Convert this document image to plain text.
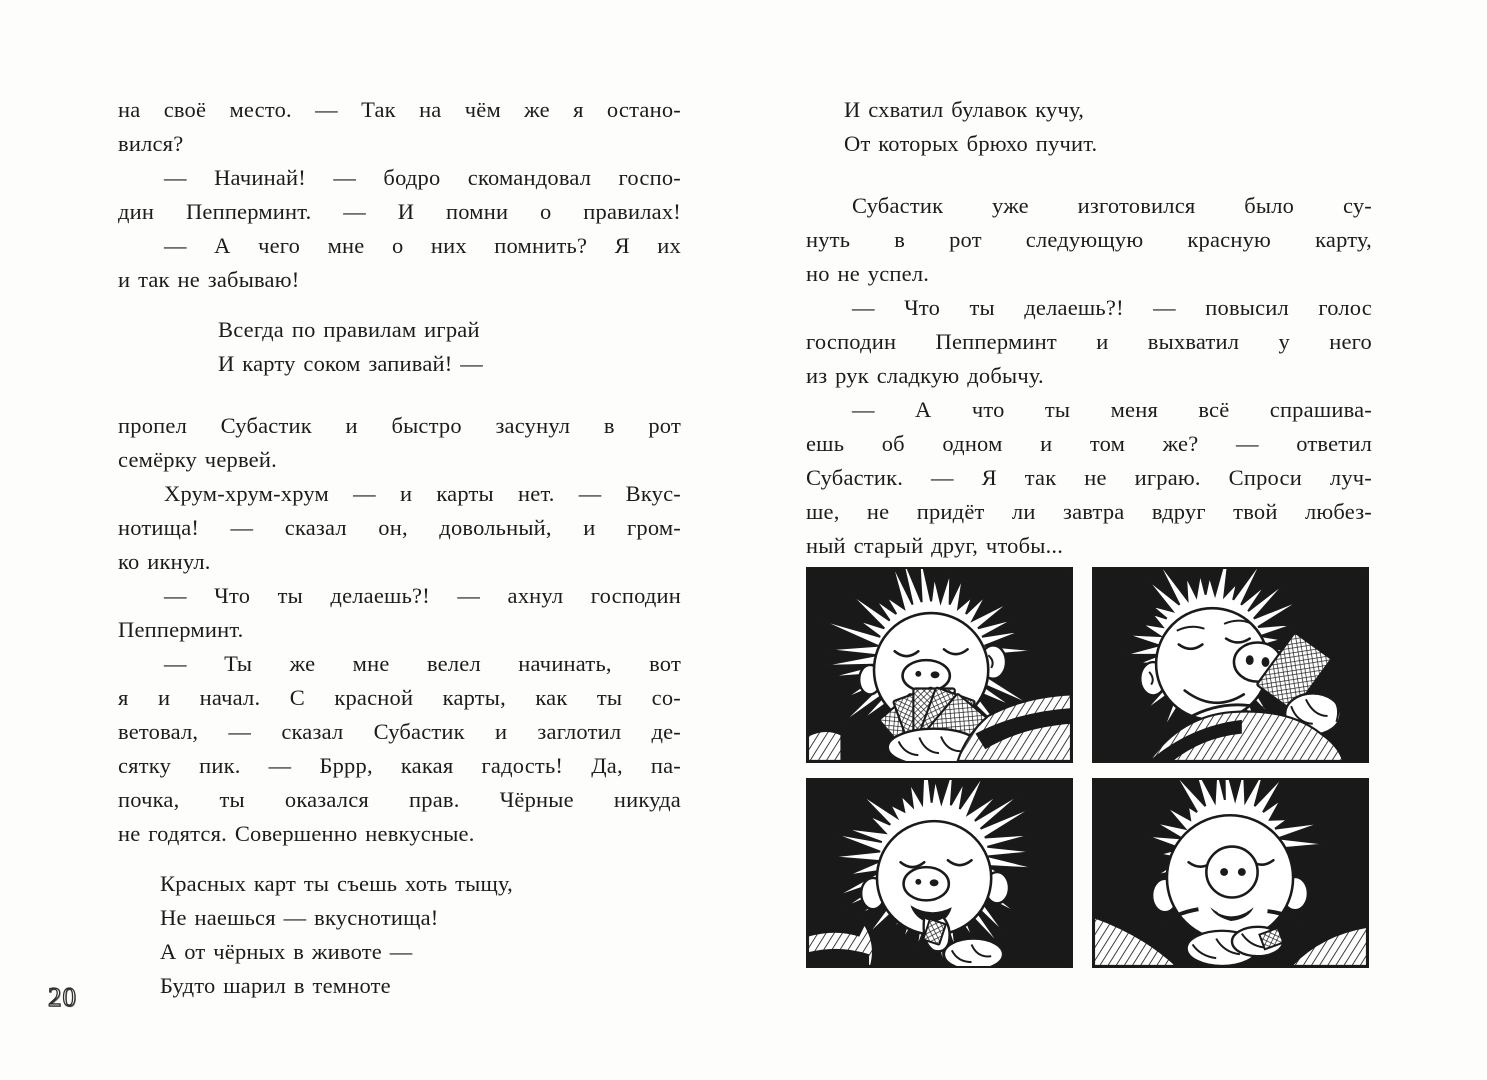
на своё место. — Так на чём же я остано-
вился?
— Начинай! — бодро скомандовал госпо-
дин Пепперминт. — И помни о правилах!
— А чего мне о них помнить? Я их
и так не забываю!
Всегда по правилам играй
И карту соком запивай! —
пропел Субастик и быстро засунул в рот
семёрку червей.
Хрум-хрум-хрум — и карты нет. — Вкус-
нотища! — сказал он, довольный, и гром-
ко икнул.
— Что ты делаешь?! — ахнул господин
Пепперминт.
— Ты же мне велел начинать, вот
я и начал. С красной карты, как ты со-
ветовал, — сказал Субастик и заглотил де-
сятку пик. — Бррр, какая гадость! Да, па-
почка, ты оказался прав. Чёрные никуда
не годятся. Совершенно невкусные.
Красных карт ты съешь хоть тыщу,
Не наешься — вкуснотища!
А от чёрных в животе —
Будто шарил в темноте
И схватил булавок кучу,
От которых брюхо пучит.
Субастик уже изготовился было су-
нуть в рот следующую красную карту,
но не успел.
— Что ты делаешь?! — повысил голос
господин Пепперминт и выхватил у него
из рук сладкую добычу.
— А что ты меня всё спрашива-
ешь об одном и том же? — ответил
Субастик. — Я так не играю. Спроси луч-
ше, не придёт ли завтра вдруг твой любез-
ный старый друг, чтобы...
20
